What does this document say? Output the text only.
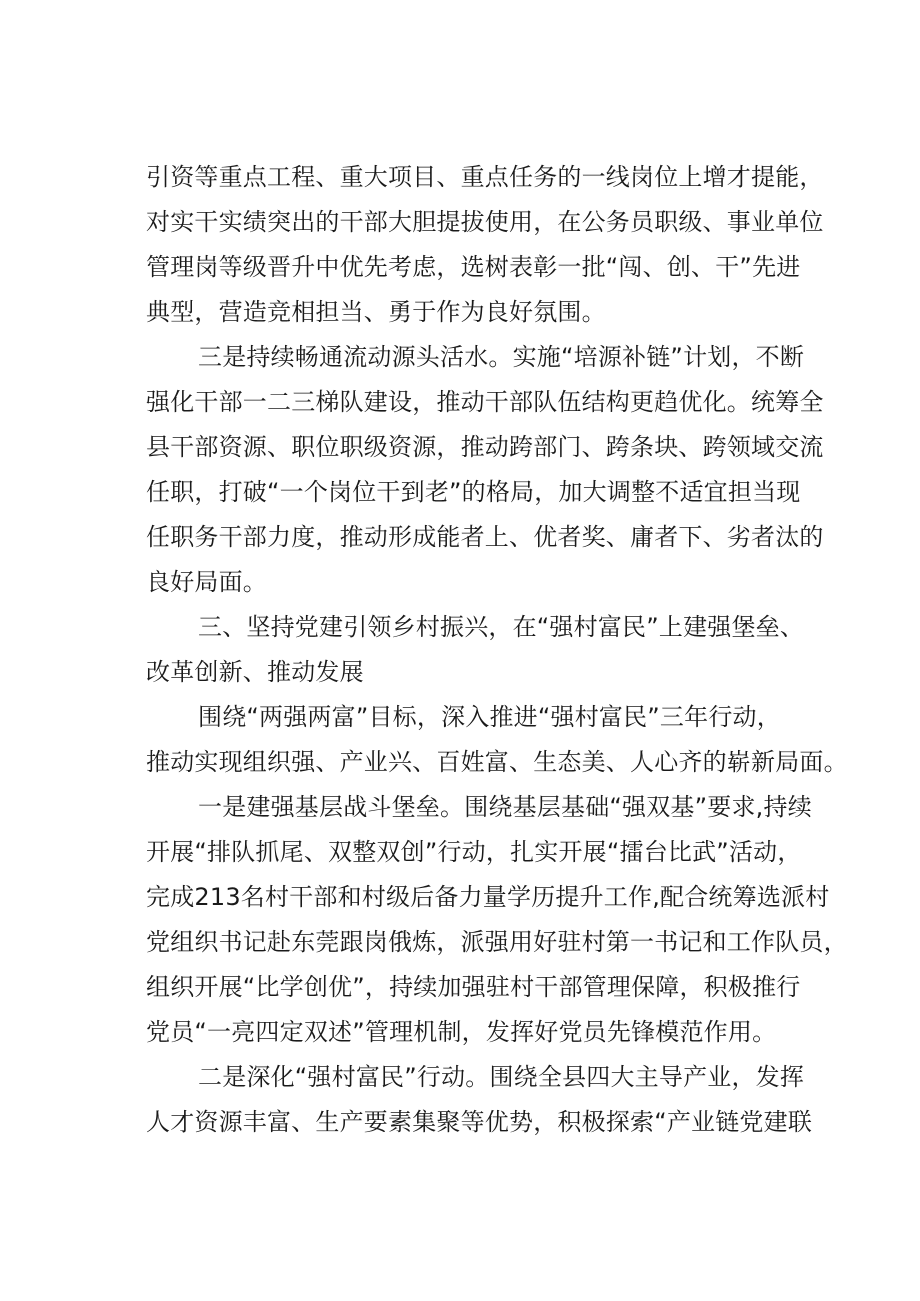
引资等重点工程、重大项目、重点任务的一线岗位上增才提能，
对实干实绩突出的干部大胆提拔使用，在公务员职级、事业单位
管理岗等级晋升中优先考虑，选树表彰一批“闯、创、干”先进
典型，营造竞相担当、勇于作为良好氛围。

三是持续畅通流动源头活水。实施“培源补链”计划，不断
强化干部一二三梯队建设，推动干部队伍结构更趋优化。统筹全
县干部资源、职位职级资源，推动跨部门、跨条块、跨领域交流
任职，打破“一个岗位干到老”的格局，加大调整不适宜担当现
任职务干部力度，推动形成能者上、优者奖、庸者下、劣者汰的
良好局面。

三、坚持党建引领乡村振兴，在“强村富民”上建强堡垒、
改革创新、推动发展

围绕“两强两富”目标，深入推进“强村富民”三年行动，
推动实现组织强、产业兴、百姓富、生态美、人心齐的崭新局面。

一是建强基层战斗堡垒。围绕基层基础“强双基”要求,持续
开展“排队抓尾、双整双创”行动，扎实开展“擂台比武”活动，
完成213名村干部和村级后备力量学历提升工作,配合统筹选派村
党组织书记赴东莞跟岗俄炼，派强用好驻村第一书记和工作队员，
组织开展“比学创优”，持续加强驻村干部管理保障，积极推行
党员“一亮四定双述”管理机制，发挥好党员先锋模范作用。

二是深化“强村富民”行动。围绕全县四大主导产业，发挥
人才资源丰富、生产要素集聚等优势，积极探索“产业链党建联
